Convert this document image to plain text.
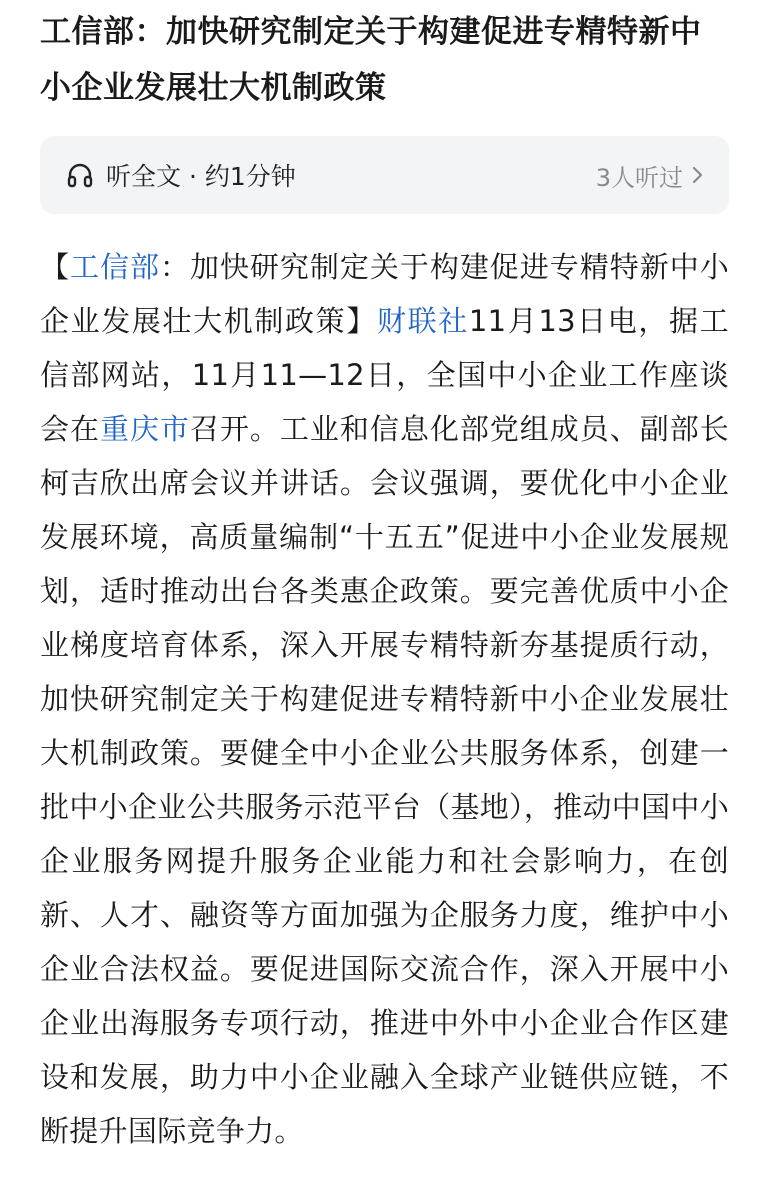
工信部：加快研究制定关于构建促进专精特新中小企业发展壮大机制政策
听全文 · 约1分钟	3人听过

【工信部：加快研究制定关于构建促进专精特新中小企业发展壮大机制政策】财联社11月13日电，据工信部网站，11月11—12日，全国中小企业工作座谈会在重庆市召开。工业和信息化部党组成员、副部长柯吉欣出席会议并讲话。会议强调，要优化中小企业发展环境，高质量编制“十五五”促进中小企业发展规划，适时推动出台各类惠企政策。要完善优质中小企业梯度培育体系，深入开展专精特新夯基提质行动，加快研究制定关于构建促进专精特新中小企业发展壮大机制政策。要健全中小企业公共服务体系，创建一批中小企业公共服务示范平台（基地），推动中国中小企业服务网提升服务企业能力和社会影响力，在创新、人才、融资等方面加强为企服务力度，维护中小企业合法权益。要促进国际交流合作，深入开展中小企业出海服务专项行动，推进中外中小企业合作区建设和发展，助力中小企业融入全球产业链供应链，不断提升国际竞争力。
